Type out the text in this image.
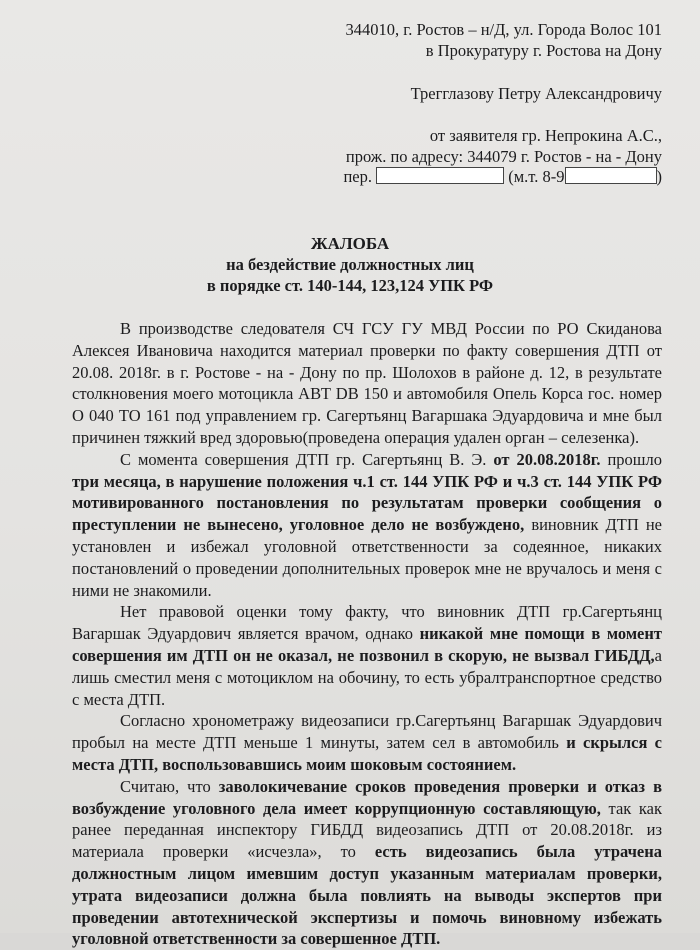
344010, г. Ростов – н/Д, ул. Города Волос 101
в Прокуратуру г. Ростова на Дону
Трегглазову Петру Александровичу
от заявителя гр. Непрокина А.С.,
прож. по адресу: 344079 г. Ростов - на - Дону
пер.	(м.т. 8-9	)
ЖАЛОБА
на бездействие должностных лиц
в порядке ст. 140-144, 123,124 УПК РФ

В производстве следователя СЧ ГСУ ГУ МВД России по РО Скиданова Алексея Ивановича находится материал проверки по факту совершения ДТП от 20.08. 2018г. в г. Ростове - на - Дону по пр. Шолохов в районе д. 12, в результате столкновения моего мотоцикла АВТ DB 150 и автомобиля Опель Корса гос. номер О 040 ТО 161 под управлением гр. Сагертьянц Вагаршака Эдуардовича и мне был причинен тяжкий вред здоровью(проведена операция удален орган – селезенка).

С момента совершения ДТП гр. Сагертьянц В. Э. от 20.08.2018г. прошло три месяца, в нарушение положения ч.1 ст. 144 УПК РФ и ч.3 ст. 144 УПК РФ мотивированного постановления по результатам проверки сообщения о преступлении не вынесено, уголовное дело не возбуждено, виновник ДТП не установлен и избежал уголовной ответственности за содеянное, никаких постановлений о проведении дополнительных проверок мне не вручалось и меня с ними не знакомили.

Нет правовой оценки тому факту, что виновник ДТП гр.Сагертьянц Вагаршак Эдуардович является врачом, однако никакой мне помощи в момент совершения им ДТП он не оказал, не позвонил в скорую, не вызвал ГИБДД,а лишь сместил меня с мотоциклом на обочину, то есть убралтранспортное средство с места ДТП.

Согласно хронометражу видеозаписи гр.Сагертьянц Вагаршак Эдуардович пробыл на месте ДТП меньше 1 минуты, затем сел в автомобиль и скрылся с места ДТП, воспользовавшись моим шоковым состоянием.

Считаю, что заволокичевание сроков проведения проверки и отказ в возбуждение уголовного дела имеет коррупционную составляющую, так как ранее переданная инспектору ГИБДД видеозапись ДТП от 20.08.2018г. из материала проверки «исчезла», то есть видеозапись была утрачена должностным лицом имевшим доступ указанным материалам проверки, утрата видеозаписи должна была повлиять на выводы экспертов при проведении автотехнической экспертизы и помочь виновному избежать уголовной ответственности за совершенное ДТП.
